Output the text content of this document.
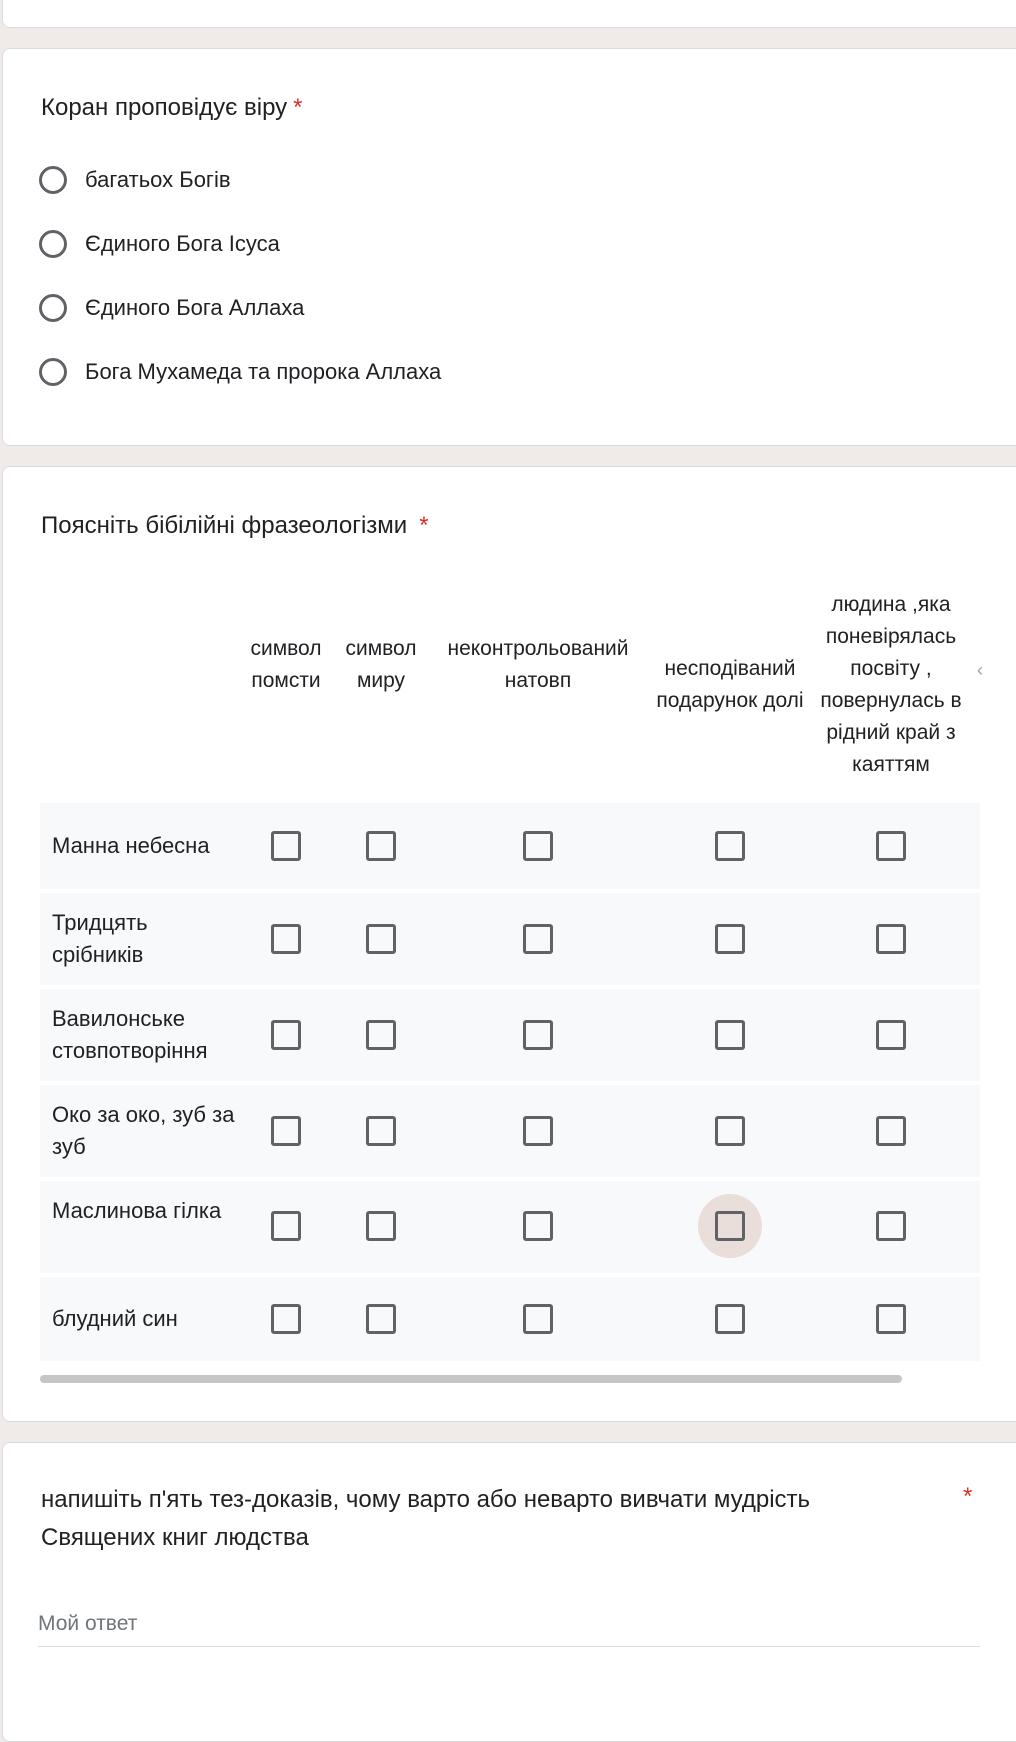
Коран проповідує віру *
багатьох Богів
Єдиного Бога Ісуса
Єдиного Бога Аллаха
Бога Мухамеда та пророка Аллаха
Поясніть бібілійні фразеологізми *
символ помсти
символ миру
неконтрольований натовп
несподіваний подарунок долі
людина ,яка поневірялась посвіту , повернулась в рідний край з каяттям
‹
Манна небесна
Тридцять срібників
Вавилонське стовпотворіння
Око за око, зуб за зуб
Маслинова гілка
блудний син
напишіть п'ять тез-доказів, чому варто або неварто вивчати мудрість Священих книг людства
*
Мой ответ
